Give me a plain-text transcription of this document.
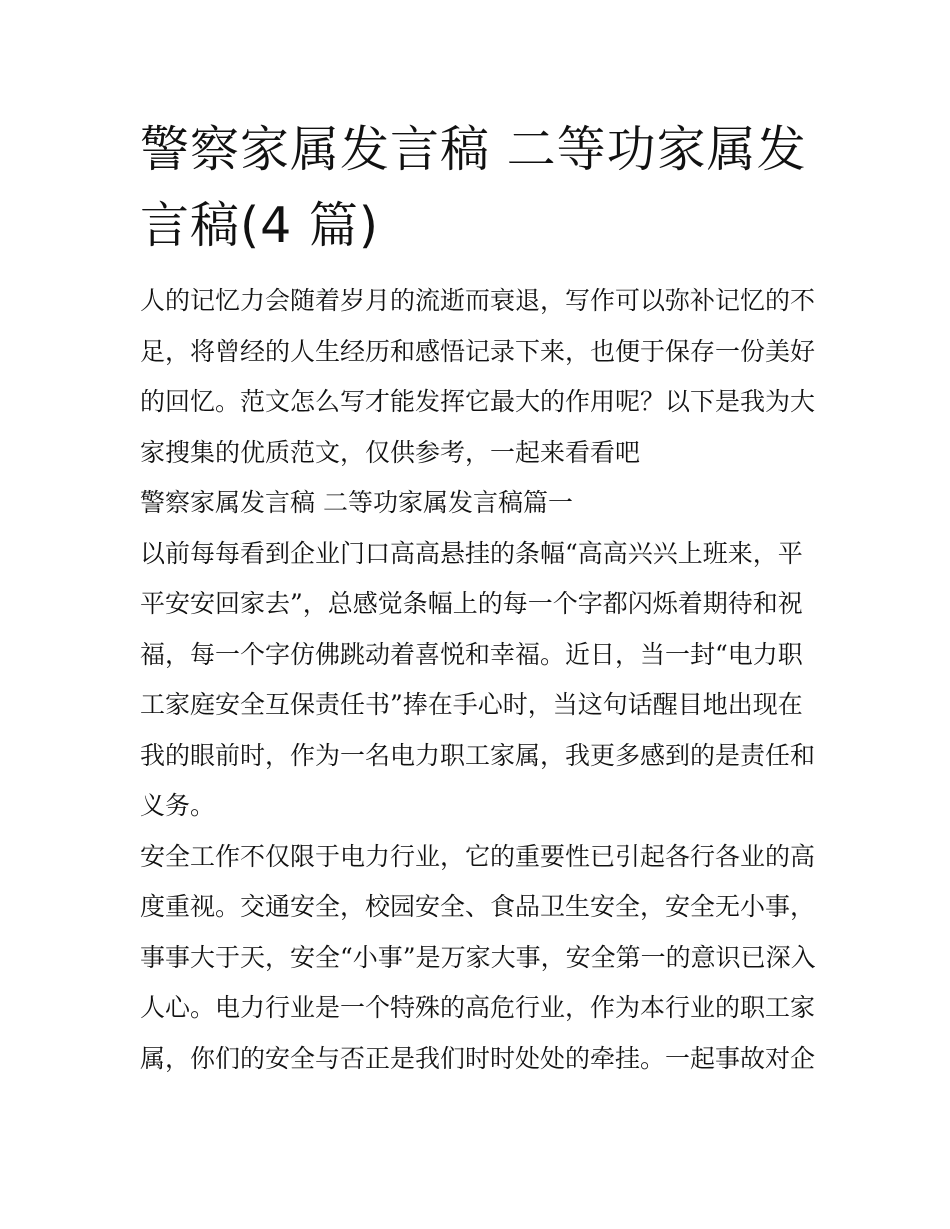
警察家属发言稿 二等功家属发
言稿(4 篇)
人的记忆力会随着岁月的流逝而衰退，写作可以弥补记忆的不
足，将曾经的人生经历和感悟记录下来，也便于保存一份美好
的回忆。范文怎么写才能发挥它最大的作用呢？以下是我为大
家搜集的优质范文，仅供参考，一起来看看吧
警察家属发言稿 二等功家属发言稿篇一
以前每每看到企业门口高高悬挂的条幅“高高兴兴上班来，平
平安安回家去”，总感觉条幅上的每一个字都闪烁着期待和祝
福，每一个字仿佛跳动着喜悦和幸福。近日，当一封“电力职
工家庭安全互保责任书”捧在手心时，当这句话醒目地出现在
我的眼前时，作为一名电力职工家属，我更多感到的是责任和
义务。
安全工作不仅限于电力行业，它的重要性已引起各行各业的高
度重视。交通安全，校园安全、食品卫生安全，安全无小事，
事事大于天，安全“小事”是万家大事，安全第一的意识已深入
人心。电力行业是一个特殊的高危行业，作为本行业的职工家
属，你们的安全与否正是我们时时处处的牵挂。一起事故对企
